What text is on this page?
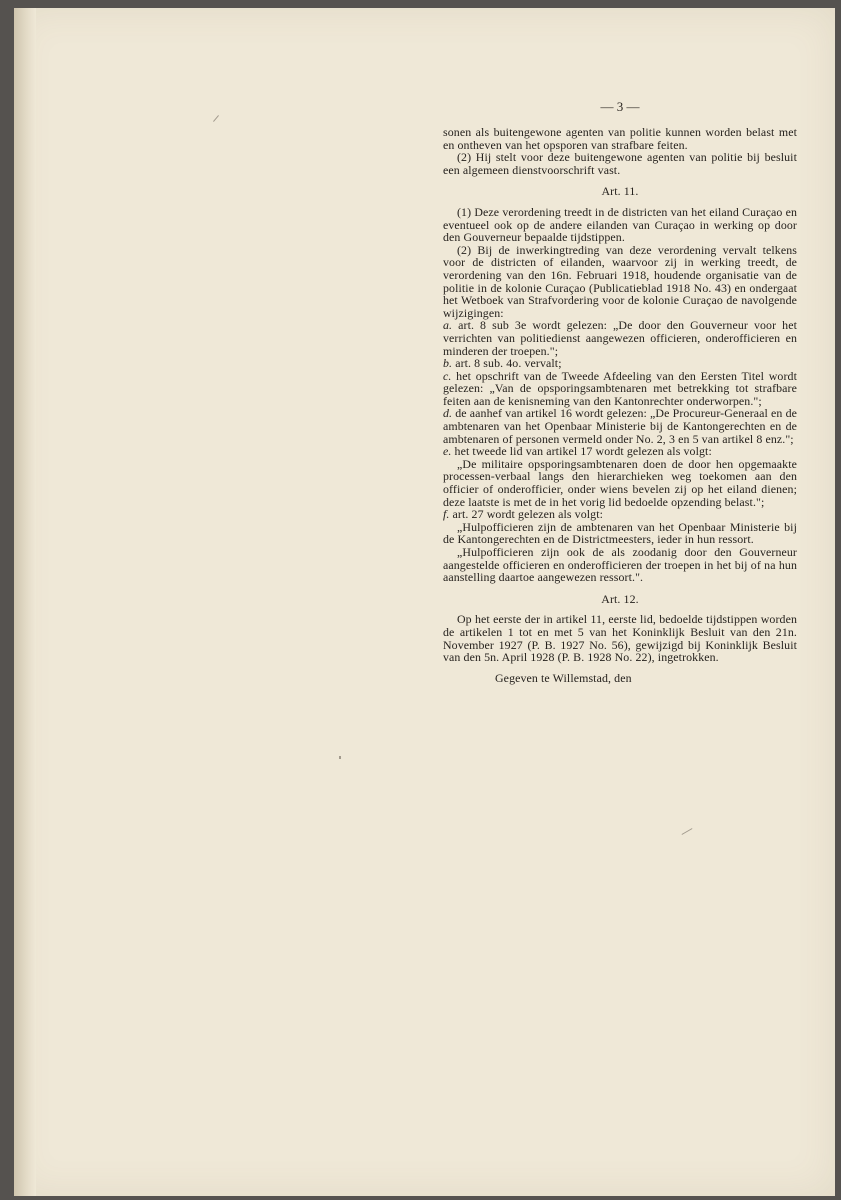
— 3 —

sonen als buitengewone agenten van politie kunnen worden belast met en ontheven van het opsporen van strafbare feiten.

(2) Hij stelt voor deze buitengewone agenten van politie bij besluit een algemeen dienstvoorschrift vast.

Art. 11.

(1) Deze verordening treedt in de districten van het eiland Curaçao en eventueel ook op de andere eilanden van Curaçao in werking op door den Gouverneur bepaalde tijdstippen.

(2) Bij de inwerkingtreding van deze verordening vervalt telkens voor de districten of eilanden, waarvoor zij in werking treedt, de verordening van den 16n. Februari 1918, houdende organisatie van de politie in de kolonie Curaçao (Publicatieblad 1918 No. 43) en ondergaat het Wetboek van Strafvordering voor de kolonie Curaçao de navolgende wijzigingen:

a. art. 8 sub 3e wordt gelezen: „De door den Gouverneur voor het verrichten van politiedienst aangewezen officieren, onderofficieren en minderen der troepen.";

b. art. 8 sub. 4o. vervalt;

c. het opschrift van de Tweede Afdeeling van den Eersten Titel wordt gelezen: „Van de opsporingsambtenaren met betrekking tot strafbare feiten aan de kenisneming van den Kantonrechter onderworpen.";

d. de aanhef van artikel 16 wordt gelezen: „De Procureur-Generaal en de ambtenaren van het Openbaar Ministerie bij de Kantongerechten en de ambtenaren of personen vermeld onder No. 2, 3 en 5 van artikel 8 enz.";

e. het tweede lid van artikel 17 wordt gelezen als volgt:

„De militaire opsporingsambtenaren doen de door hen opgemaakte processen-verbaal langs den hierarchieken weg toekomen aan den officier of onderofficier, onder wiens bevelen zij op het eiland dienen; deze laatste is met de in het vorig lid bedoelde opzending belast.";

f. art. 27 wordt gelezen als volgt:

„Hulpofficieren zijn de ambtenaren van het Openbaar Ministerie bij de Kantongerechten en de Districtmeesters, ieder in hun ressort.

„Hulpofficieren zijn ook de als zoodanig door den Gouverneur aangestelde officieren en onderofficieren der troepen in het bij of na hun aanstelling daartoe aangewezen ressort.".

Art. 12.

Op het eerste der in artikel 11, eerste lid, bedoelde tijdstippen worden de artikelen 1 tot en met 5 van het Koninklijk Besluit van den 21n. November 1927 (P. B. 1927 No. 56), gewijzigd bij Koninklijk Besluit van den 5n. April 1928 (P. B. 1928 No. 22), ingetrokken.

Gegeven te Willemstad, den
